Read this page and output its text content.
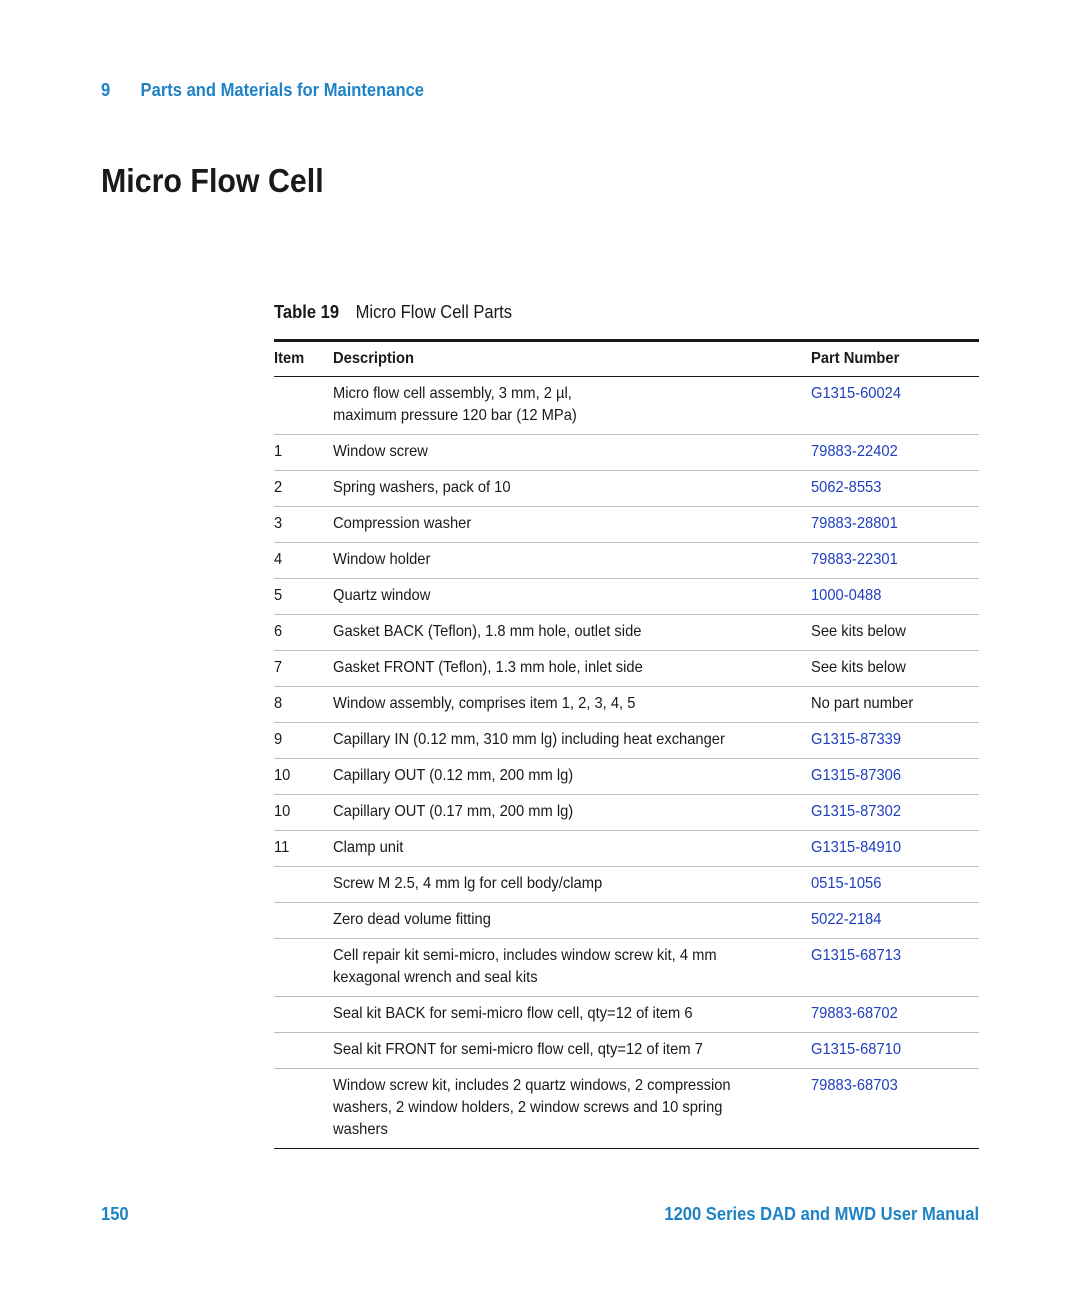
9 Parts and Materials for Maintenance
Micro Flow Cell
Table 19 Micro Flow Cell Parts
Item	Description	Part Number

	Micro flow cell assembly, 3 mm, 2 µl,
maximum pressure 120 bar (12 MPa)	G1315-60024
1	Window screw	79883-22402
2	Spring washers, pack of 10	5062-8553
3	Compression washer	79883-28801
4	Window holder	79883-22301
5	Quartz window	1000-0488
6	Gasket BACK (Teflon), 1.8 mm hole, outlet side	See kits below
7	Gasket FRONT (Teflon), 1.3 mm hole, inlet side	See kits below
8	Window assembly, comprises item 1, 2, 3, 4, 5	No part number
9	Capillary IN (0.12 mm, 310 mm lg) including heat exchanger	G1315-87339
10	Capillary OUT (0.12 mm, 200 mm lg)	G1315-87306
10	Capillary OUT (0.17 mm, 200 mm lg)	G1315-87302
11	Clamp unit	G1315-84910

	Screw M 2.5, 4 mm lg for cell body/clamp	0515-1056

	Zero dead volume fitting	5022-2184

	Cell repair kit semi-micro, includes window screw kit, 4 mm kexagonal wrench and seal kits	G1315-68713

	Seal kit BACK for semi-micro flow cell, qty=12 of item 6	79883-68702

	Seal kit FRONT for semi-micro flow cell, qty=12 of item 7	G1315-68710

	Window screw kit, includes 2 quartz windows, 2 compression washers, 2 window holders, 2 window screws and 10 spring washers	79883-68703
150	1200 Series DAD and MWD User Manual
